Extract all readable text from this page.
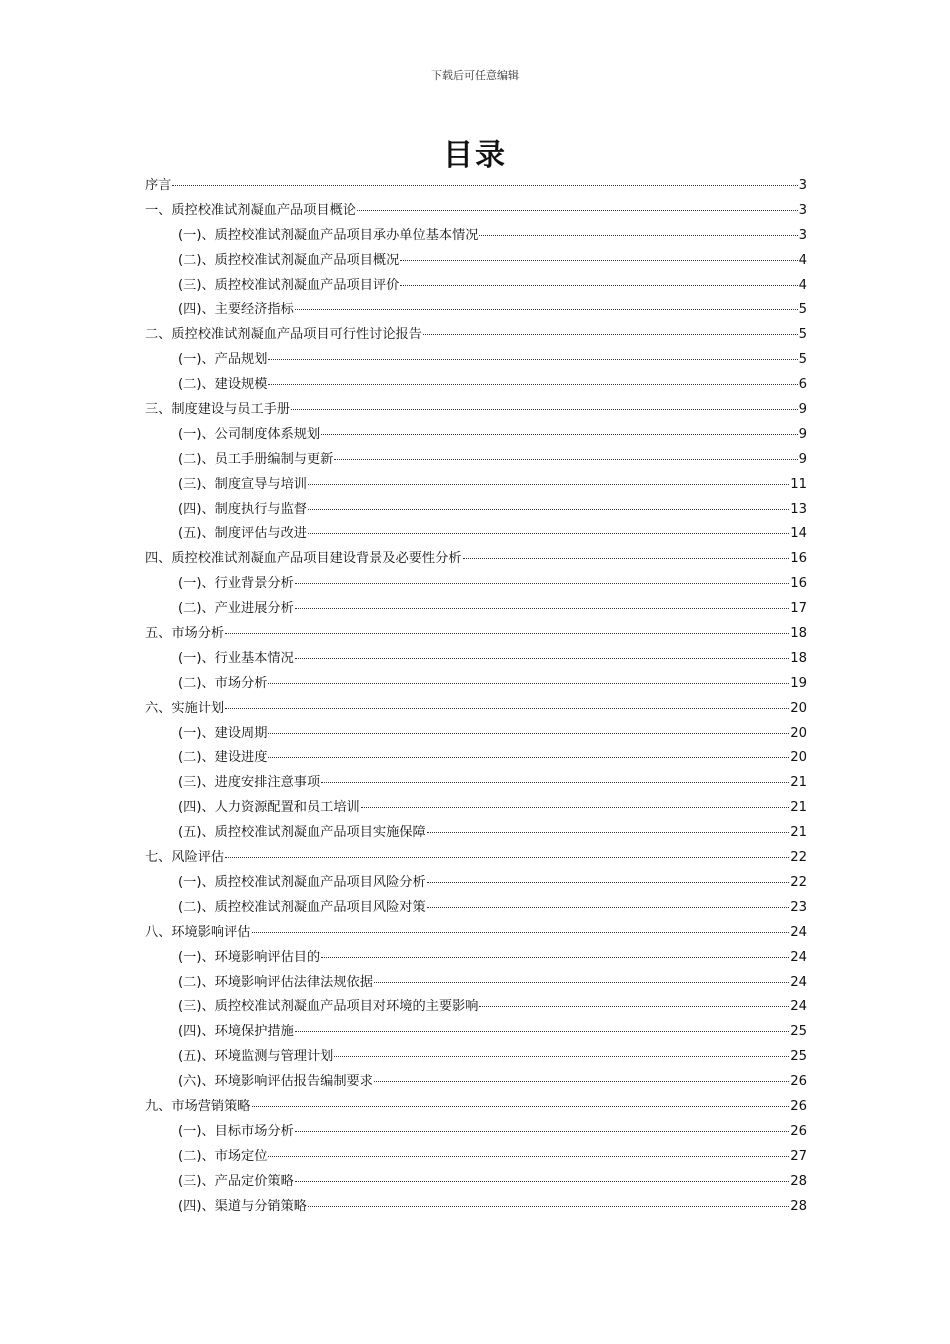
下载后可任意编辑
目录
序言	3
一、质控校准试剂凝血产品项目概论	3
(一)、质控校准试剂凝血产品项目承办单位基本情况	3
(二)、质控校准试剂凝血产品项目概况	4
(三)、质控校准试剂凝血产品项目评价	4
(四)、主要经济指标	5
二、质控校准试剂凝血产品项目可行性讨论报告	5
(一)、产品规划	5
(二)、建设规模	6
三、制度建设与员工手册	9
(一)、公司制度体系规划	9
(二)、员工手册编制与更新	9
(三)、制度宣导与培训	11
(四)、制度执行与监督	13
(五)、制度评估与改进	14
四、质控校准试剂凝血产品项目建设背景及必要性分析	16
(一)、行业背景分析	16
(二)、产业进展分析	17
五、市场分析	18
(一)、行业基本情况	18
(二)、市场分析	19
六、实施计划	20
(一)、建设周期	20
(二)、建设进度	20
(三)、进度安排注意事项	21
(四)、人力资源配置和员工培训	21
(五)、质控校准试剂凝血产品项目实施保障	21
七、风险评估	22
(一)、质控校准试剂凝血产品项目风险分析	22
(二)、质控校准试剂凝血产品项目风险对策	23
八、环境影响评估	24
(一)、环境影响评估目的	24
(二)、环境影响评估法律法规依据	24
(三)、质控校准试剂凝血产品项目对环境的主要影响	24
(四)、环境保护措施	25
(五)、环境监测与管理计划	25
(六)、环境影响评估报告编制要求	26
九、市场营销策略	26
(一)、目标市场分析	26
(二)、市场定位	27
(三)、产品定价策略	28
(四)、渠道与分销策略	28
